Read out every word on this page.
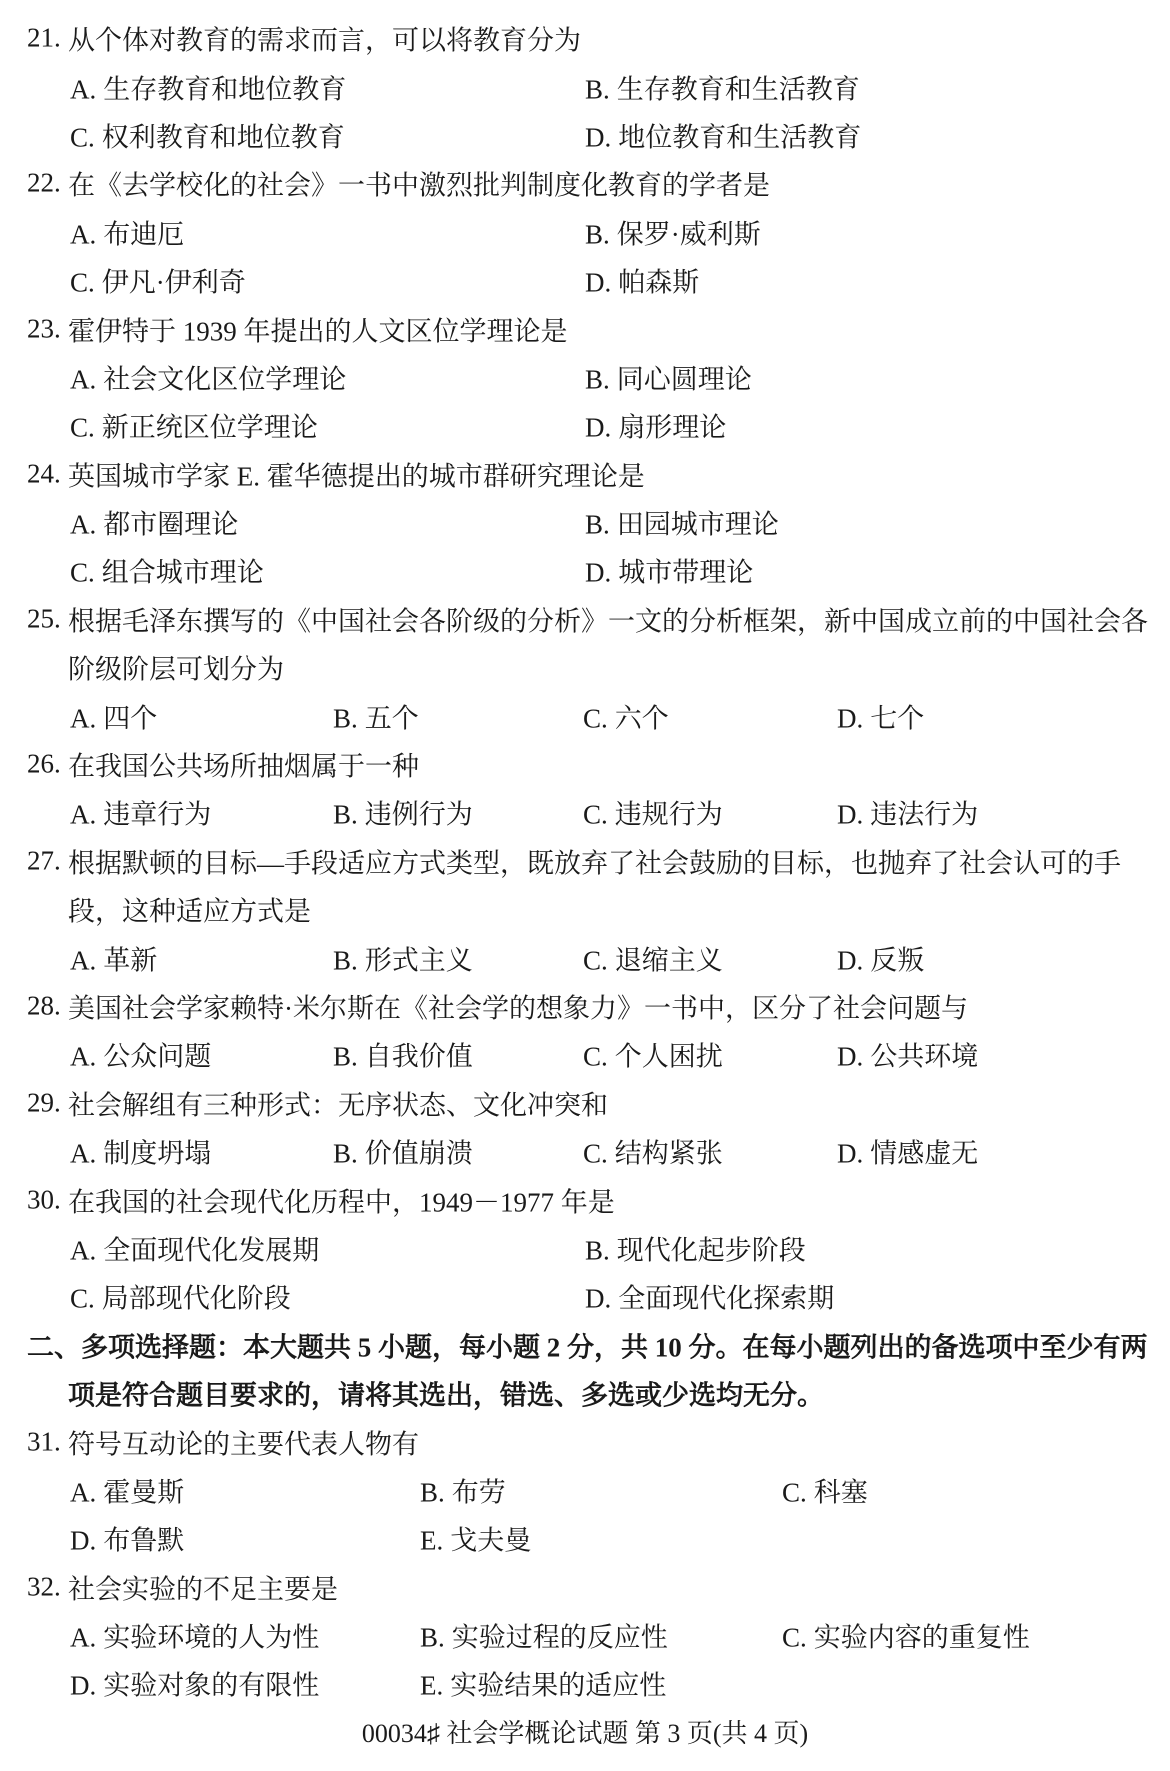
21. 从个体对教育的需求而言，可以将教育分为
A. 生存教育和地位教育	B. 生存教育和生活教育
C. 权利教育和地位教育	D. 地位教育和生活教育
22. 在《去学校化的社会》一书中激烈批判制度化教育的学者是
A. 布迪厄	B. 保罗·威利斯
C. 伊凡·伊利奇	D. 帕森斯
23. 霍伊特于 1939 年提出的人文区位学理论是
A. 社会文化区位学理论	B. 同心圆理论
C. 新正统区位学理论	D. 扇形理论
24. 英国城市学家 E. 霍华德提出的城市群研究理论是
A. 都市圈理论	B. 田园城市理论
C. 组合城市理论	D. 城市带理论
25. 根据毛泽东撰写的《中国社会各阶级的分析》一文的分析框架，新中国成立前的中国社会各
阶级阶层可划分为
A. 四个	B. 五个	C. 六个	D. 七个
26. 在我国公共场所抽烟属于一种
A. 违章行为	B. 违例行为	C. 违规行为	D. 违法行为
27. 根据默顿的目标—手段适应方式类型，既放弃了社会鼓励的目标，也抛弃了社会认可的手
段，这种适应方式是
A. 革新	B. 形式主义	C. 退缩主义	D. 反叛
28. 美国社会学家赖特·米尔斯在《社会学的想象力》一书中，区分了社会问题与
A. 公众问题	B. 自我价值	C. 个人困扰	D. 公共环境
29. 社会解组有三种形式：无序状态、文化冲突和
A. 制度坍塌	B. 价值崩溃	C. 结构紧张	D. 情感虚无
30. 在我国的社会现代化历程中，1949－1977 年是
A. 全面现代化发展期	B. 现代化起步阶段
C. 局部现代化阶段	D. 全面现代化探索期
二、多项选择题：本大题共 5 小题，每小题 2 分，共 10 分。在每小题列出的备选项中至少有两
项是符合题目要求的，请将其选出，错选、多选或少选均无分。
31. 符号互动论的主要代表人物有
A. 霍曼斯	B. 布劳	C. 科塞
D. 布鲁默	E. 戈夫曼
32. 社会实验的不足主要是
A. 实验环境的人为性	B. 实验过程的反应性	C. 实验内容的重复性
D. 实验对象的有限性	E. 实验结果的适应性
00034♯ 社会学概论试题 第 3 页(共 4 页)
